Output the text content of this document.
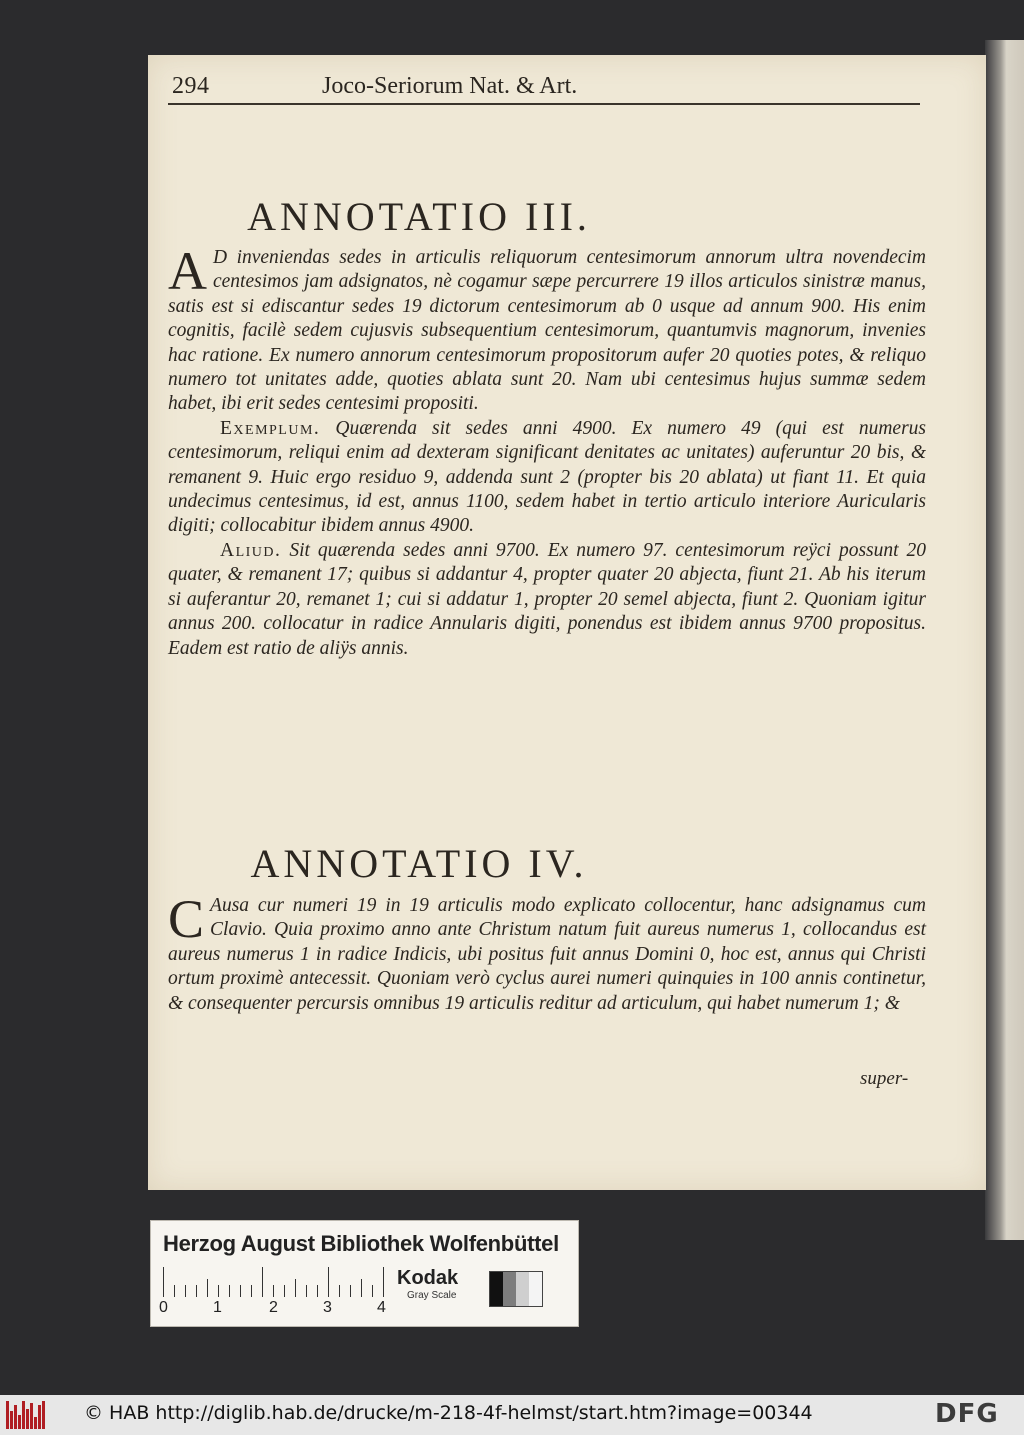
294	Joco-Seriorum Nat. & Art.
ANNOTATIO III.

A D inveniendas sedes in articulis reliquorum centesimorum annorum ultra novendecim centesimos jam adsignatos, nè cogamur sæpe percurrere 19 illos articulos sinistræ manus, satis est si ediscantur sedes 19 dictorum centesimorum ab 0 usque ad annum 900. His enim cognitis, facilè sedem cujusvis subsequentium centesimorum, quantumvis magnorum, invenies hac ratione. Ex numero annorum centesimorum propositorum aufer 20 quoties potes, & reliquo numero tot unitates adde, quoties ablata sunt 20. Nam ubi centesimus hujus summæ sedem habet, ibi erit sedes centesimi propositi.

Exemplum. Quærenda sit sedes anni 4900. Ex numero 49 (qui est numerus centesimorum, reliqui enim ad dexteram significant denitates ac unitates) auferuntur 20 bis, & remanent 9. Huic ergo residuo 9, addenda sunt 2 (propter bis 20 ablata) ut fiant 11. Et quia undecimus centesimus, id est, annus 1100, sedem habet in tertio articulo interiore Auricularis digiti; collocabitur ibidem annus 4900.

Aliud. Sit quærenda sedes anni 9700. Ex numero 97. centesimorum reÿci possunt 20 quater, & remanent 17; quibus si addantur 4, propter quater 20 abjecta, fiunt 21. Ab his iterum si auferantur 20, remanet 1; cui si addatur 1, propter 20 semel abjecta, fiunt 2. Quoniam igitur annus 200. collocatur in radice Annularis digiti, ponendus est ibidem annus 9700 propositus. Eadem est ratio de aliÿs annis.

ANNOTATIO IV.

C Ausa cur numeri 19 in 19 articulis modo explicato collocentur, hanc adsignamus cum Clavio. Quia proximo anno ante Christum natum fuit aureus numerus 1, collocandus est aureus numerus 1 in radice Indicis, ubi positus fuit annus Domini 0, hoc est, annus qui Christi ortum proximè antecessit. Quoniam verò cyclus aurei numeri quinquies in 100 annis continetur, & consequenter percursis omnibus 19 articulis reditur ad articulum, qui habet numerum 1; &

super-
Herzog August Bibliothek Wolfenbüttel
0	1	2	3	4
Kodak
Gray Scale
© HAB http://diglib.hab.de/drucke/m-218-4f-helmst/start.htm?image=00344	DFG
